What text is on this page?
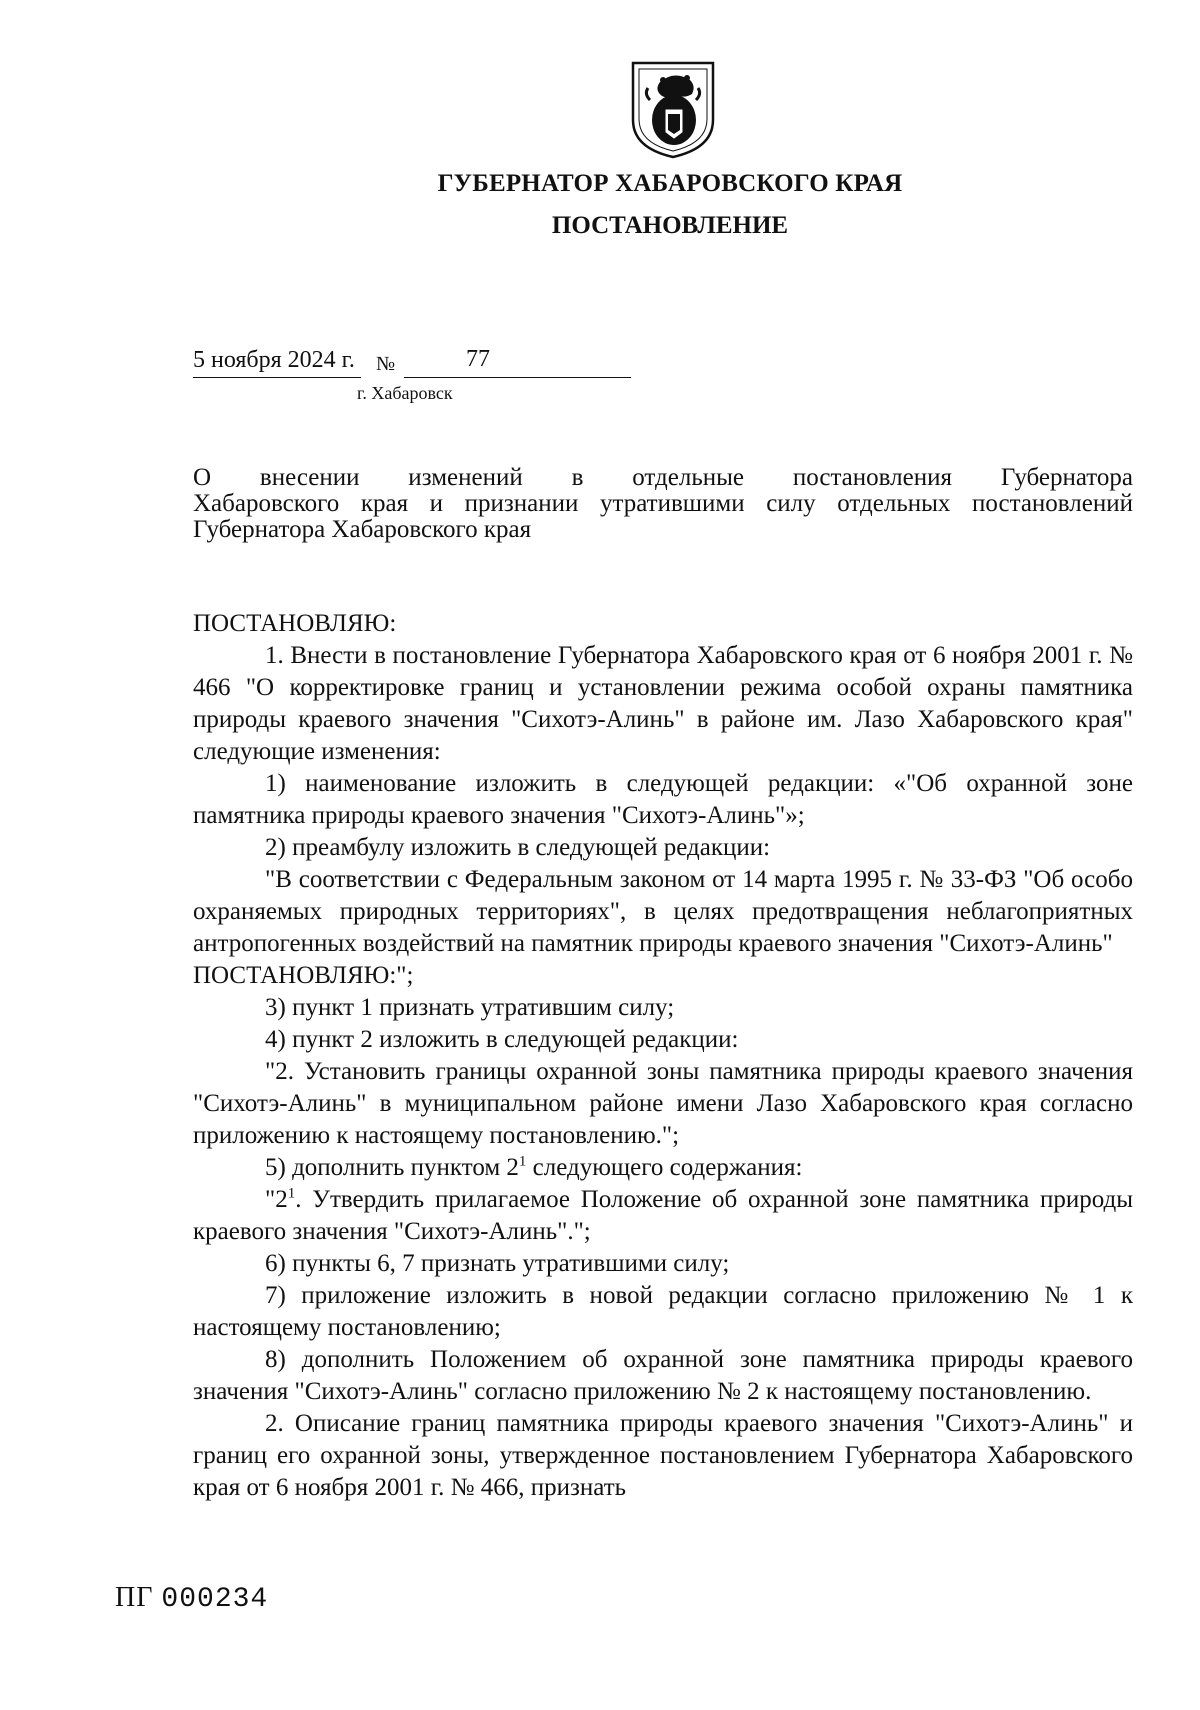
ГУБЕРНАТОР ХАБАРОВСКОГО КРАЯ
ПОСТАНОВЛЕНИЕ
5 ноября 2024 г. №	77
г. Хабаровск
О внесении изменений в отдельные постановления Губернатора
Хабаровского края и признании утратившими силу отдельных постановлений
Губернатора Хабаровского края

ПОСТАНОВЛЯЮ:

1. Внести в постановление Губернатора Хабаровского края от 6 ноября 2001 г. № 466 "О корректировке границ и установлении режима особой охраны памятника природы краевого значения "Сихотэ-Алинь" в районе им. Лазо Хабаровского края" следующие изменения:

1) наименование изложить в следующей редакции: «"Об охранной зоне памятника природы краевого значения "Сихотэ-Алинь"»;

2) преамбулу изложить в следующей редакции:

"В соответствии с Федеральным законом от 14 марта 1995 г. № 33-ФЗ "Об особо охраняемых природных территориях", в целях предотвращения неблагоприятных антропогенных воздействий на памятник природы краевого значения "Сихотэ-Алинь"

ПОСТАНОВЛЯЮ:";

3) пункт 1 признать утратившим силу;

4) пункт 2 изложить в следующей редакции:

"2. Установить границы охранной зоны памятника природы краевого значения "Сихотэ-Алинь" в муниципальном районе имени Лазо Хабаровского края согласно приложению к настоящему постановлению.";

5) дополнить пунктом $2^1$ следующего содержания:

"$2^1$. Утвердить прилагаемое Положение об охранной зоне памятника природы краевого значения "Сихотэ-Алинь".";

6) пункты 6, 7 признать утратившими силу;

7) приложение изложить в новой редакции согласно приложению № 1 к настоящему постановлению;

8) дополнить Положением об охранной зоне памятника природы краевого значения "Сихотэ-Алинь" согласно приложению № 2 к настоящему постановлению.

2. Описание границ памятника природы краевого значения "Сихотэ-Алинь" и границ его охранной зоны, утвержденное постановлением Губернатора Хабаровского края от 6 ноября 2001 г. № 466, признать

ПГ 000234
